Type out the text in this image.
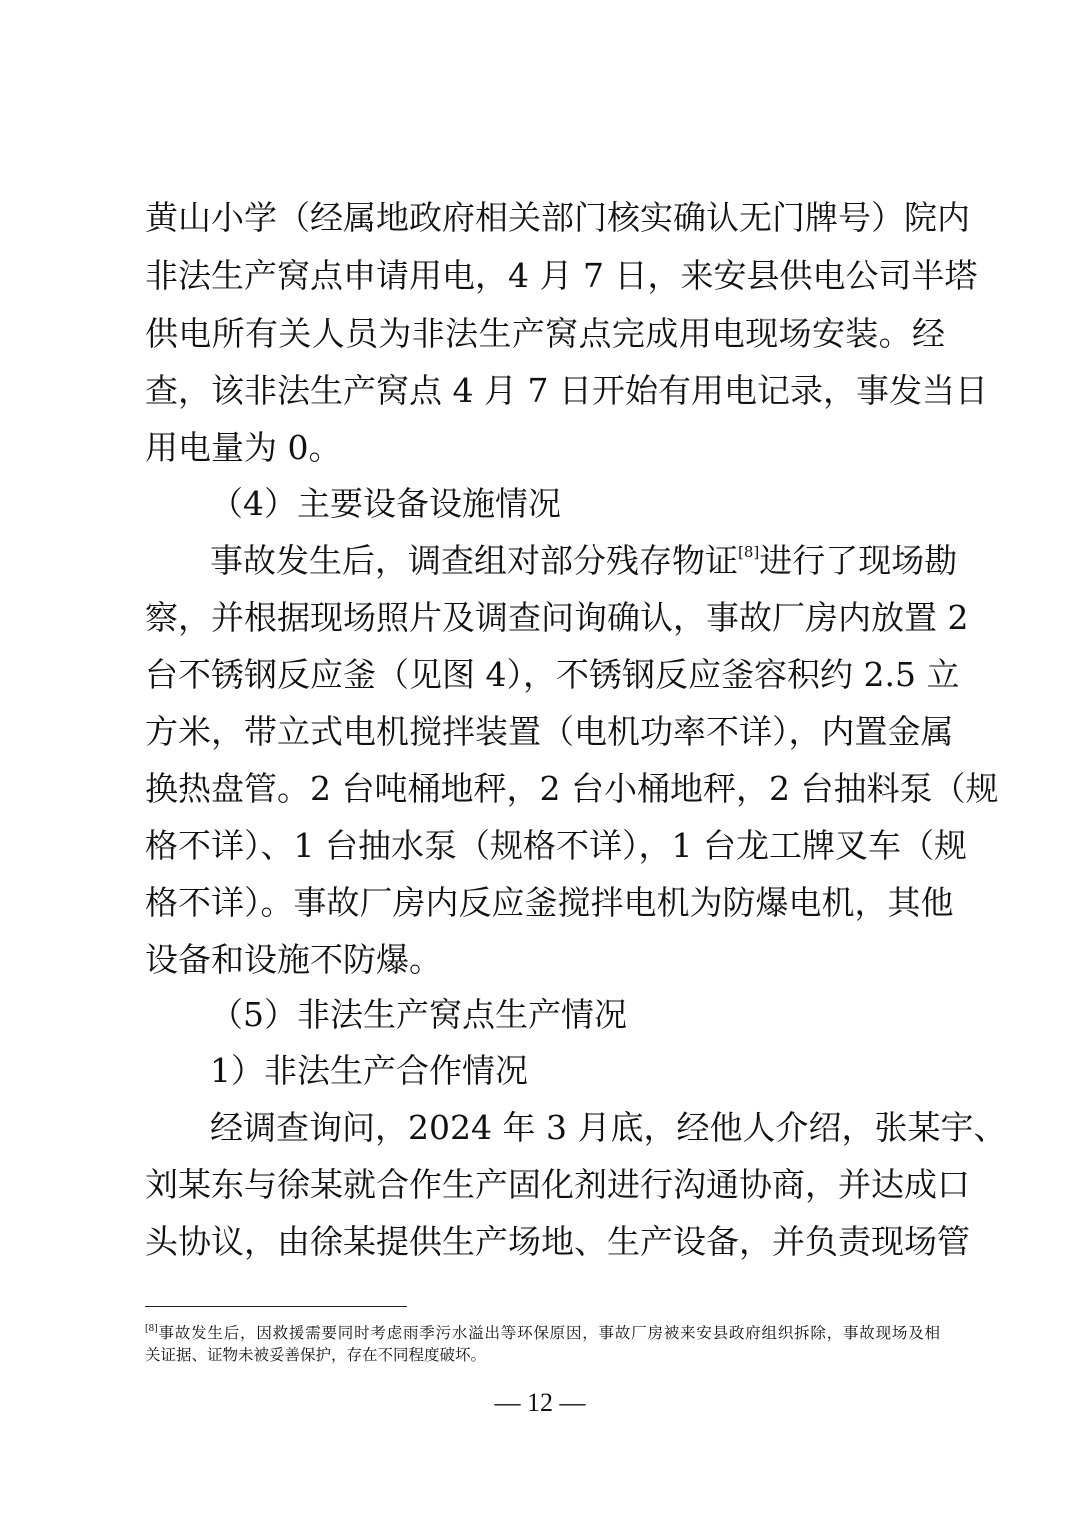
黄山小学（经属地政府相关部门核实确认无门牌号）院内
非法生产窝点申请用电，4 月 7 日，来安县供电公司半塔
供电所有关人员为非法生产窝点完成用电现场安装。经
查，该非法生产窝点 4 月 7 日开始有用电记录，事发当日
用电量为 0。
（4）主要设备设施情况
事故发生后，调查组对部分残存物证[8]进行了现场勘
察，并根据现场照片及调查问询确认，事故厂房内放置 2
台不锈钢反应釜（见图 4），不锈钢反应釜容积约 2.5 立
方米，带立式电机搅拌装置（电机功率不详），内置金属
换热盘管。2 台吨桶地秤，2 台小桶地秤，2 台抽料泵（规
格不详）、1 台抽水泵（规格不详），1 台龙工牌叉车（规
格不详）。事故厂房内反应釜搅拌电机为防爆电机，其他
设备和设施不防爆。
（5）非法生产窝点生产情况
1）非法生产合作情况
经调查询问，2024 年 3 月底，经他人介绍，张某宇、
刘某东与徐某就合作生产固化剂进行沟通协商，并达成口
头协议，由徐某提供生产场地、生产设备，并负责现场管
[8]事故发生后，因救援需要同时考虑雨季污水溢出等环保原因，事故厂房被来安县政府组织拆除，事故现场及相
关证据、证物未被妥善保护，存在不同程度破坏。
— 12 —
